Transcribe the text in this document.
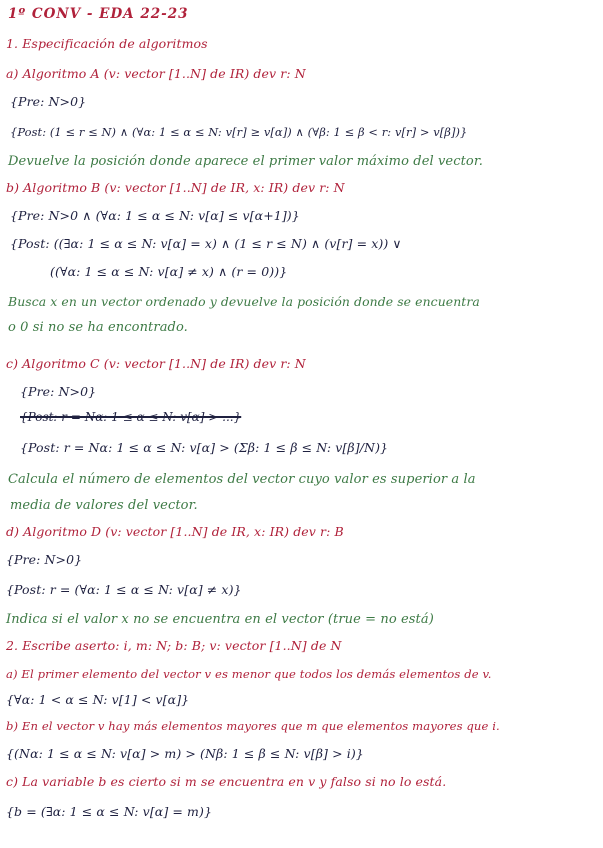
1º CONV - EDA 22-23
1. Especificación de algoritmos
a) Algoritmo A (v: vector [1..N] de IR) dev r: N
{Pre: N>0}
{Post: (1 ≤ r ≤ N) ∧ (∀α: 1 ≤ α ≤ N: v[r] ≥ v[α]) ∧ (∀β: 1 ≤ β < r: v[r] > v[β])}
Devuelve la posición donde aparece el primer valor máximo del vector.
b) Algoritmo B (v: vector [1..N] de IR, x: IR) dev r: N
{Pre: N>0 ∧ (∀α: 1 ≤ α ≤ N: v[α] ≤ v[α+1])}
{Post: ((∃α: 1 ≤ α ≤ N: v[α] = x) ∧ (1 ≤ r ≤ N) ∧ (v[r] = x)) ∨
((∀α: 1 ≤ α ≤ N: v[α] ≠ x) ∧ (r = 0))}
Busca x en un vector ordenado y devuelve la posición donde se encuentra
o 0 si no se ha encontrado.
c) Algoritmo C (v: vector [1..N] de IR) dev r: N
{Pre: N>0}
{Post: r = Nα: 1 ≤ α ≤ N: v[α] > ...}
{Post: r = Nα: 1 ≤ α ≤ N: v[α] > (Σβ: 1 ≤ β ≤ N: v[β]/N)}
Calcula el número de elementos del vector cuyo valor es superior a la
media de valores del vector.
d) Algoritmo D (v: vector [1..N] de IR, x: IR) dev r: B
{Pre: N>0}
{Post: r = (∀α: 1 ≤ α ≤ N: v[α] ≠ x)}
Indica si el valor x no se encuentra en el vector (true = no está)
2. Escribe aserto: i, m: N; b: B; v: vector [1..N] de N
a) El primer elemento del vector v es menor que todos los demás elementos de v.
{∀α: 1 < α ≤ N: v[1] < v[α]}
b) En el vector v hay más elementos mayores que m que elementos mayores que i.
{(Nα: 1 ≤ α ≤ N: v[α] > m) > (Nβ: 1 ≤ β ≤ N: v[β] > i)}
c) La variable b es cierto si m se encuentra en v y falso si no lo está.
{b = (∃α: 1 ≤ α ≤ N: v[α] = m)}
